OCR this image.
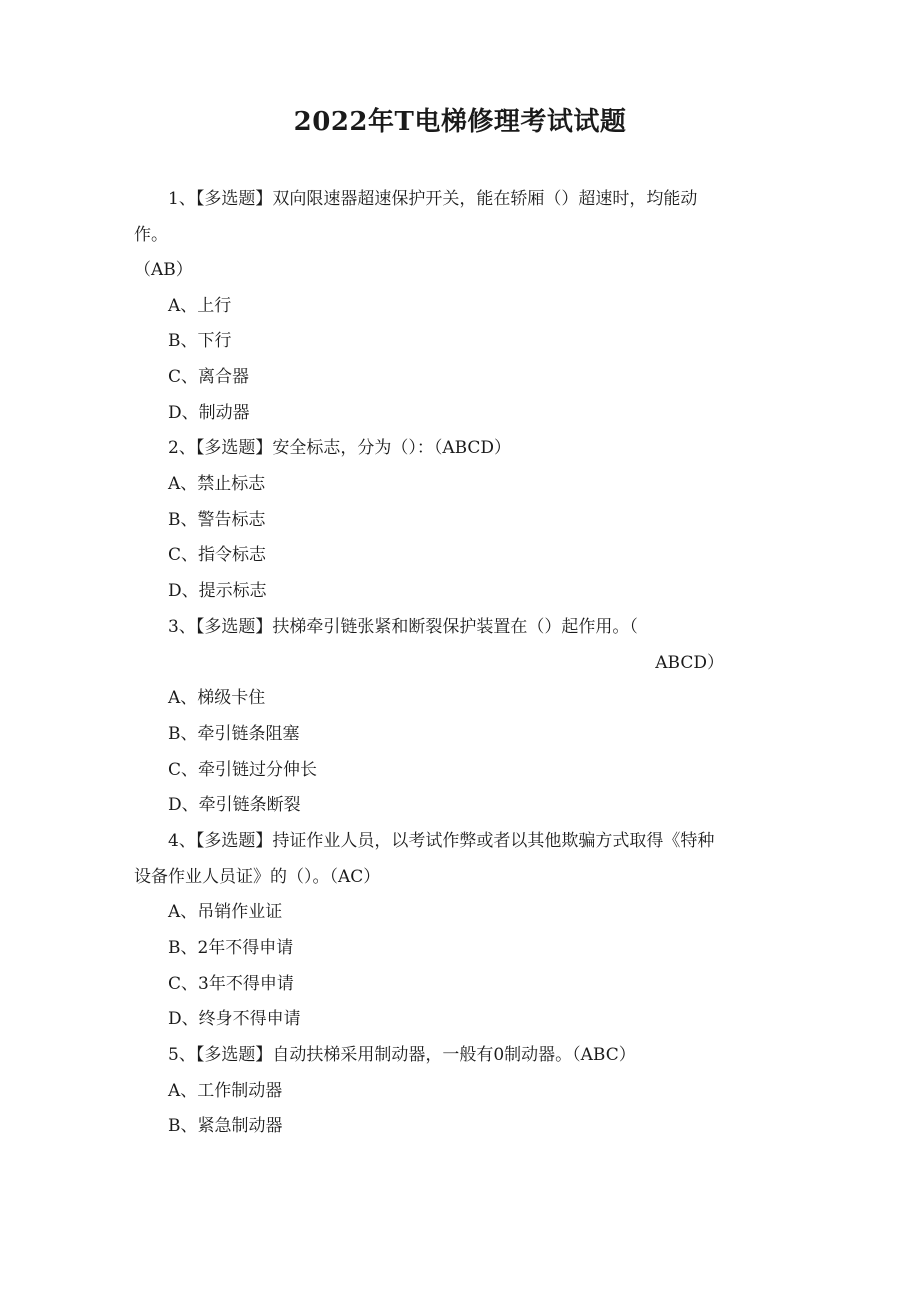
2022年T电梯修理考试试题
1、【多选题】双向限速器超速保护开关，能在轿厢（）超速时，均能动
作。
（AB）
A、上行
B、下行
C、离合器
D、制动器
2、【多选题】安全标志，分为（）：（ABCD）
A、禁止标志
B、警告标志
C、指令标志
D、提示标志
3、【多选题】扶梯牵引链张紧和断裂保护装置在（）起作用。（
ABCD）
A、梯级卡住
B、牵引链条阻塞
C、牵引链过分伸长
D、牵引链条断裂
4、【多选题】持证作业人员，以考试作弊或者以其他欺骗方式取得《特种
设备作业人员证》的（）。（AC）
A、吊销作业证
B、2年不得申请
C、3年不得申请
D、终身不得申请
5、【多选题】自动扶梯采用制动器，一般有0制动器。（ABC）
A、工作制动器
B、紧急制动器
